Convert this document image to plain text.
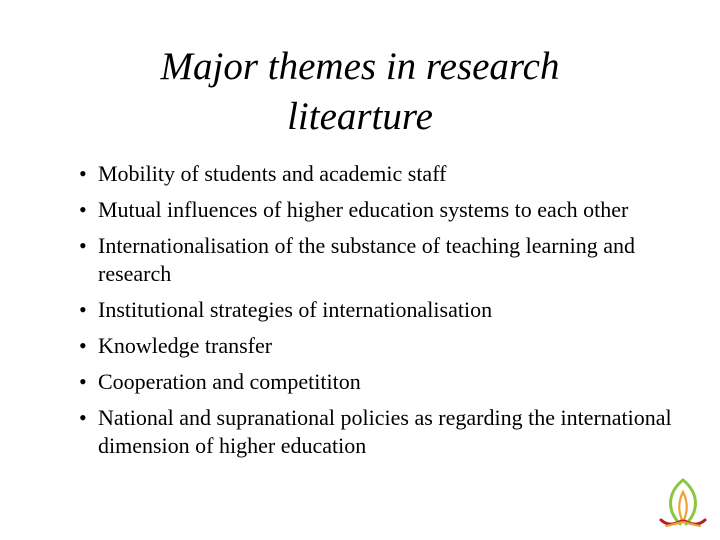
Major themes in research
litearture
• Mobility of students and academic staff
• Mutual influences of higher education systems to each other
• Internationalisation of the substance of teaching learning and research
• Institutional strategies of internationalisation
• Knowledge transfer
• Cooperation and competititon
• National and supranational policies as regarding the international dimension of higher education
